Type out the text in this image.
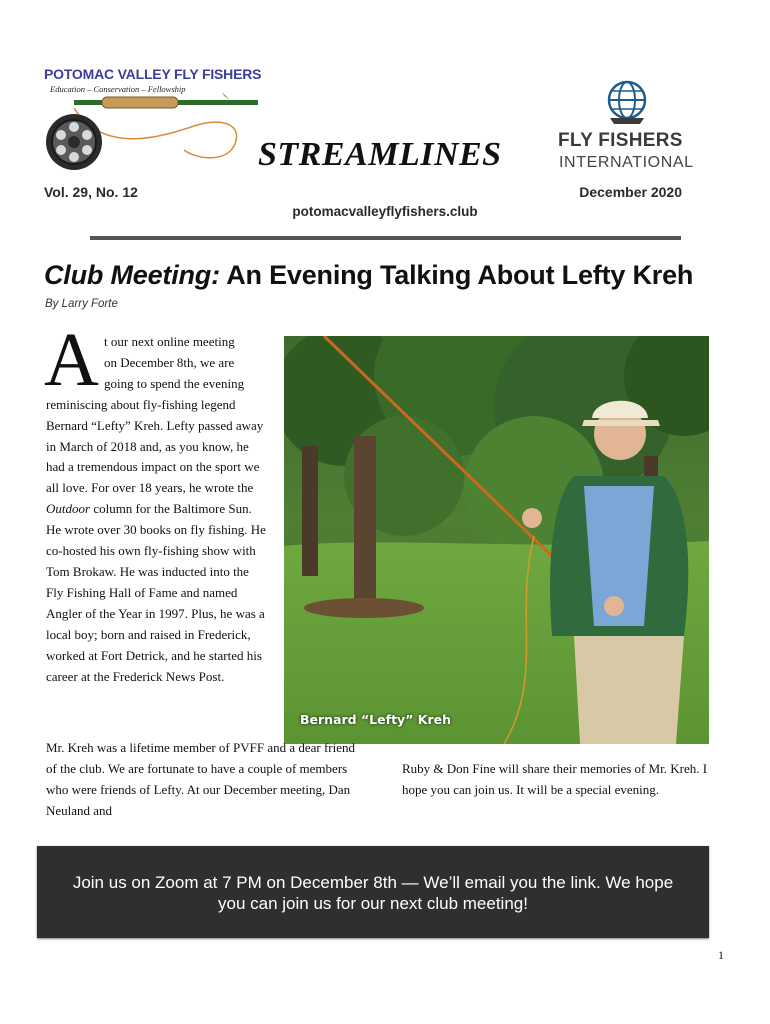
POTOMAC VALLEY FLY FISHERS
Education – Conservation – Fellowship
STREAMLINES	FLY FISHERS
INTERNATIONAL
Vol. 29, No. 12	December 2020
potomacvalleyflyfishers.club
Club Meeting: An Evening Talking About Lefty Kreh
By Larry Forte
A t our next online meeting
on December 8th, we are
going to spend the evening
reminiscing about fly-fishing legend Bernard “Lefty” Kreh. Lefty passed away in March of 2018 and, as you know, he had a tremendous impact on the sport we all love. For over 18 years, he wrote the Outdoor column for the Baltimore Sun. He wrote over 30 books on fly fishing. He co-hosted his own fly-fishing show with Tom Brokaw. He was inducted into the Fly Fishing Hall of Fame and named Angler of the Year in 1997. Plus, he was a local boy; born and raised in Frederick, worked at Fort Detrick, and he started his career at the Frederick News Post.
Bernard “Lefty” Kreh
Mr. Kreh was a lifetime member of PVFF and a dear friend of the club. We are fortunate to have a couple of members who were friends of Lefty. At our December meeting, Dan Neuland and
Ruby & Don Fine will share their memories of Mr. Kreh. I hope you can join us. It will be a special evening.
Join us on Zoom at 7 PM on December 8th — We’ll email you the link. We hope you can join us for our next club meeting!
1
